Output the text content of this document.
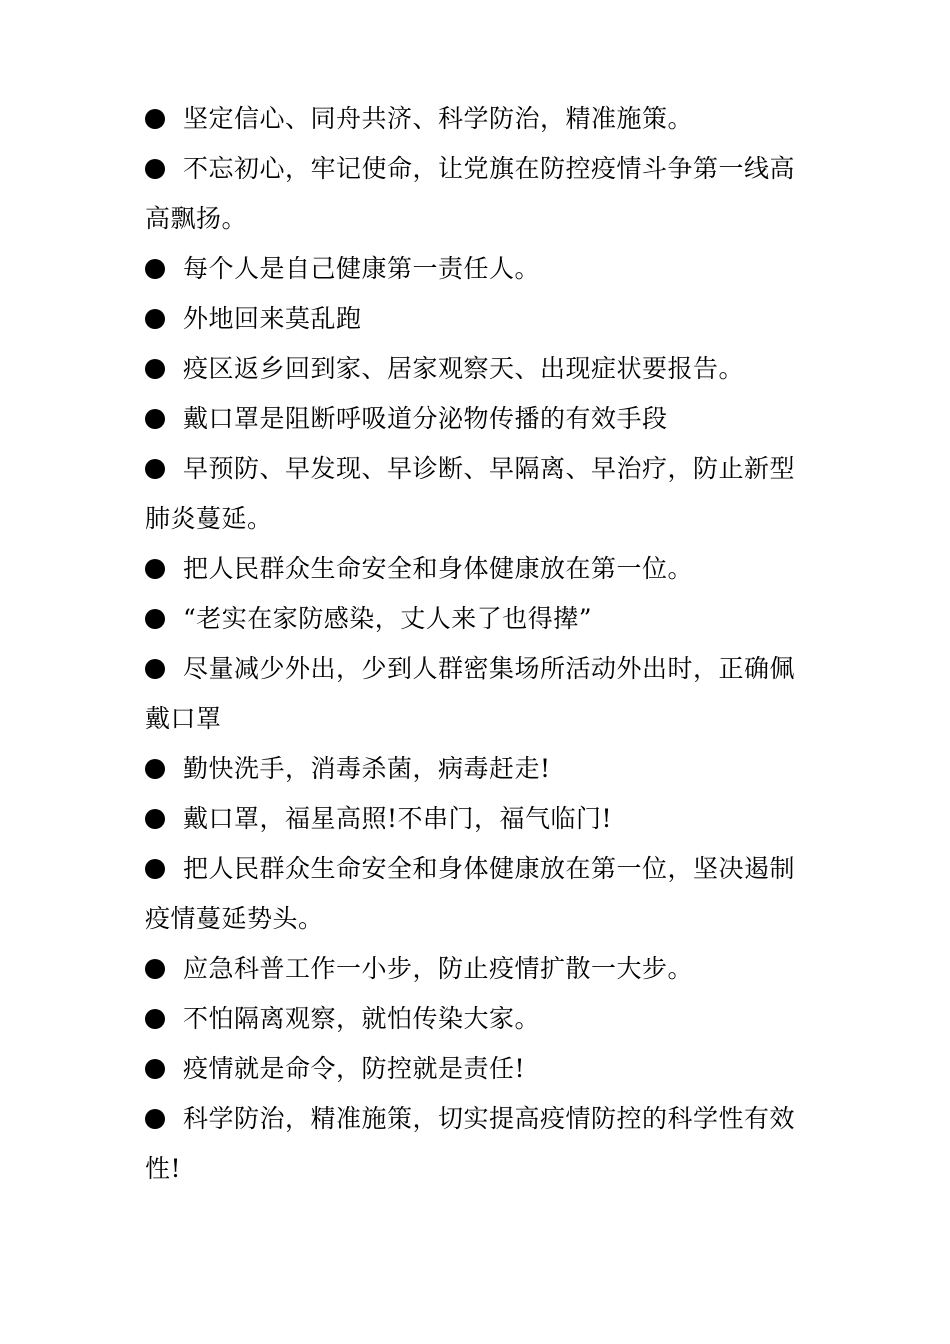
坚定信心、同舟共济、科学防治，精准施策。
不忘初心，牢记使命，让党旗在防控疫情斗争第一线高高飘扬。
每个人是自己健康第一责任人。
外地回来莫乱跑
疫区返乡回到家、居家观察天、出现症状要报告。
戴口罩是阻断呼吸道分泌物传播的有效手段
早预防、早发现、早诊断、早隔离、早治疗，防止新型肺炎蔓延。
把人民群众生命安全和身体健康放在第一位。
“老实在家防感染，丈人来了也得撵”
尽量减少外出，少到人群密集场所活动外出时，正确佩戴口罩
勤快洗手，消毒杀菌，病毒赶走!
戴口罩，福星高照!不串门，福气临门!
把人民群众生命安全和身体健康放在第一位，坚决遏制疫情蔓延势头。
应急科普工作一小步，防止疫情扩散一大步。
不怕隔离观察，就怕传染大家。
疫情就是命令，防控就是责任!
科学防治，精准施策，切实提高疫情防控的科学性有效性!
